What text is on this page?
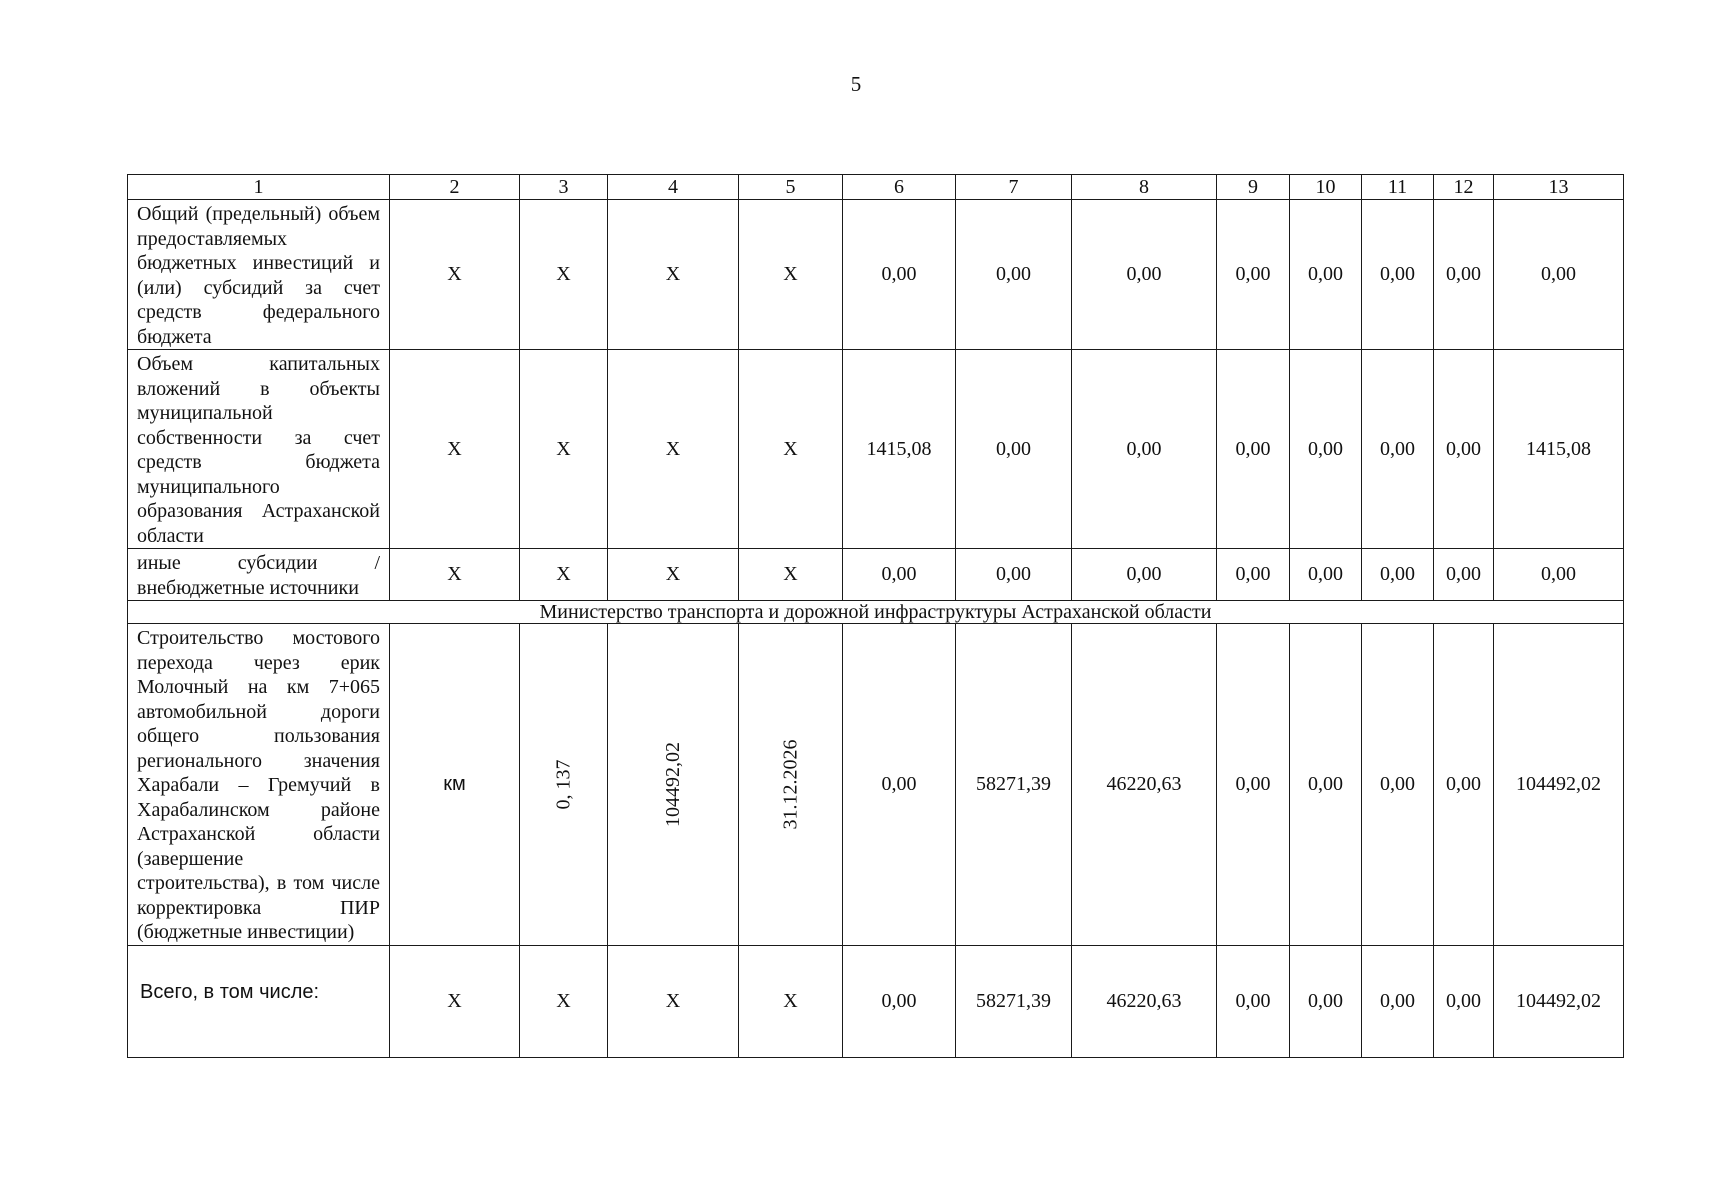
5
1	2	3	4	5	6	7	8	9	10	11	12	13
Общий (предельный) объем предоставляемых бюджетных инвестиций и (или) субсидий за счет средств федерального бюджета	Х	Х	Х	Х	0,00	0,00	0,00	0,00	0,00	0,00	0,00	0,00
Объем капитальных вложений в объекты муниципальной собственности за счет средств бюджета муниципального образования Астраханской области	Х	Х	Х	Х	1415,08	0,00	0,00	0,00	0,00	0,00	0,00	1415,08
иные субсидии / внебюджетные источники	Х	Х	Х	Х	0,00	0,00	0,00	0,00	0,00	0,00	0,00	0,00
Министерство транспорта и дорожной инфраструктуры Астраханской области												
Строительство мостового перехода через ерик Молочный на км 7+065 автомобильной дороги общего пользования регионального значения Харабали – Гремучий в Харабалинском районе Астраханской области (завершение строительства), в том числе корректировка ПИР (бюджетные инвестиции)	км	0, 137	104492,02	31.12.2026	0,00	58271,39	46220,63	0,00	0,00	0,00	0,00	104492,02
Всего, в том числе:	Х	Х	Х	Х	0,00	58271,39	46220,63	0,00	0,00	0,00	0,00	104492,02
